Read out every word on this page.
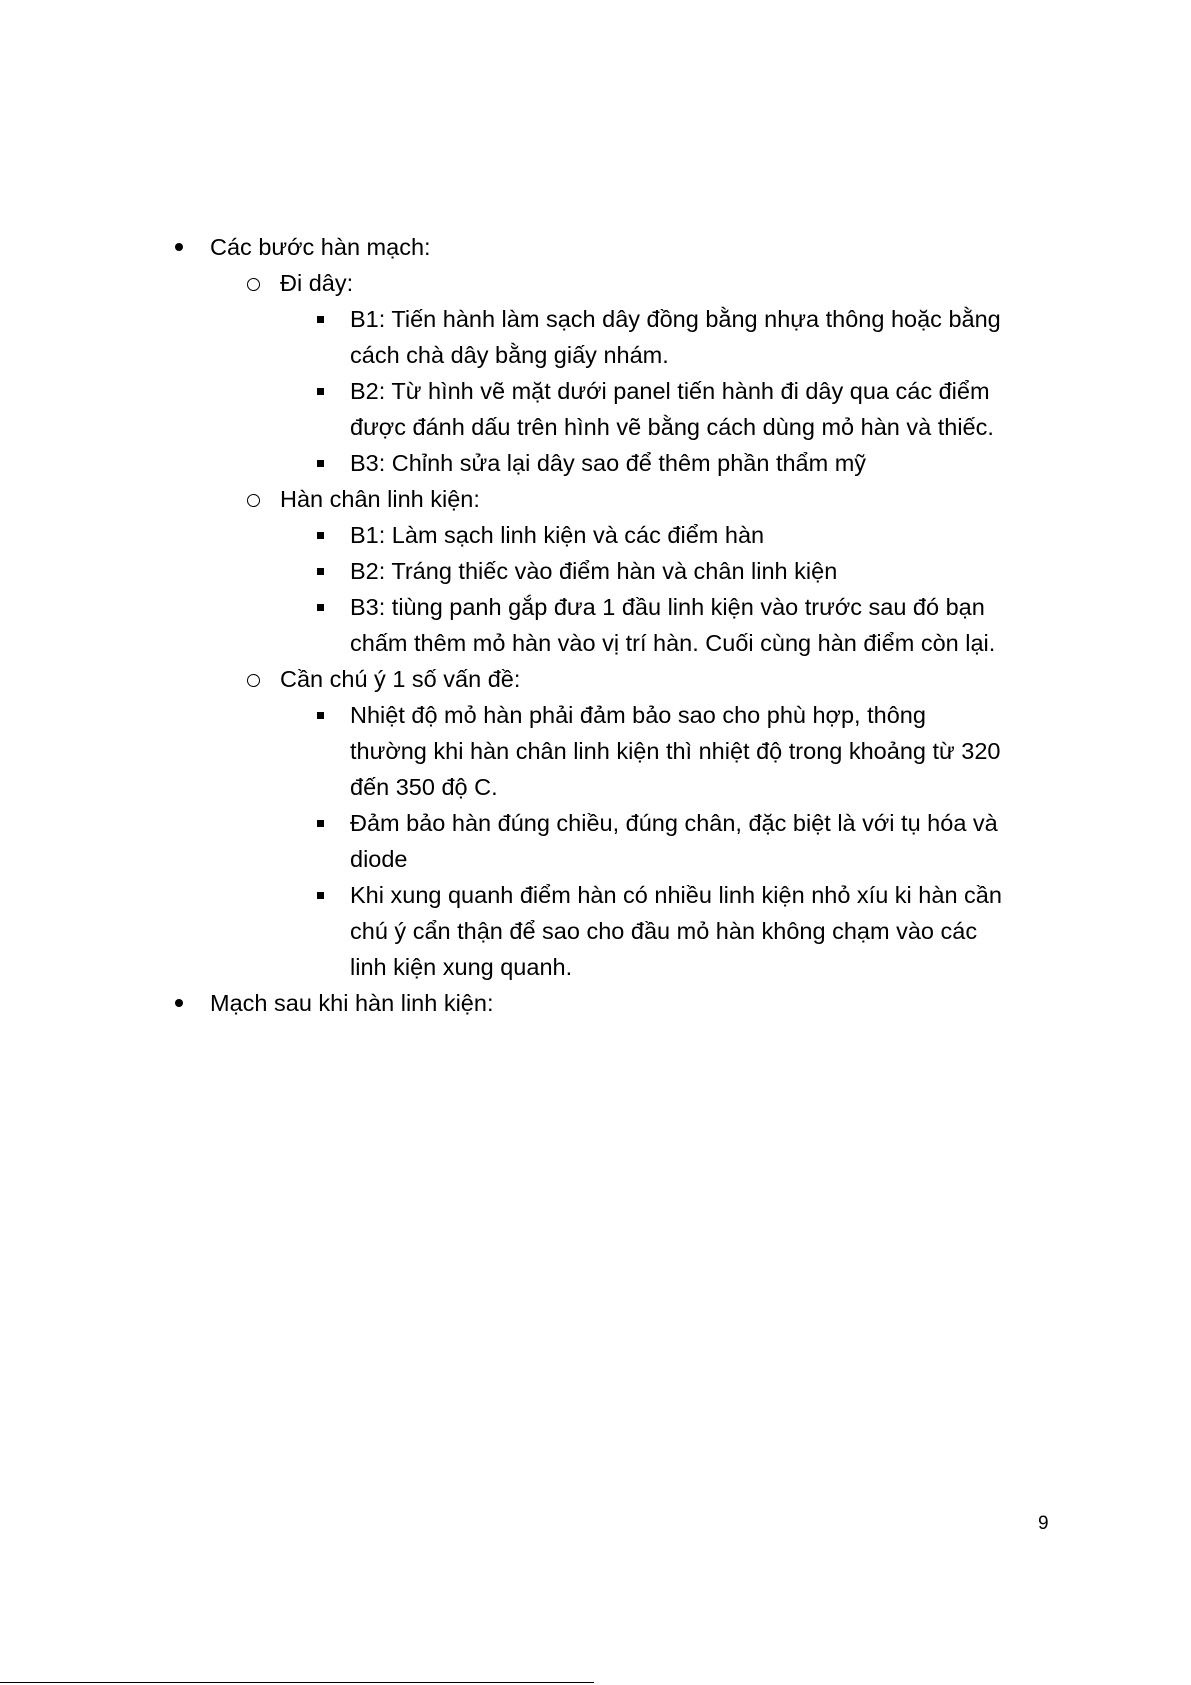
Các bước hàn mạch:
Đi dây:
B1: Tiến hành làm sạch dây đồng bằng nhựa thông hoặc bằng
cách chà dây bằng giấy nhám.
B2: Từ hình vẽ mặt dưới panel tiến hành đi dây qua các điểm
được đánh dấu trên hình vẽ bằng cách dùng mỏ hàn và thiếc.
B3: Chỉnh sửa lại dây sao để thêm phần thẩm mỹ
Hàn chân linh kiện:
B1: Làm sạch linh kiện và các điểm hàn
B2: Tráng thiếc vào điểm hàn và chân linh kiện
B3: tiùng panh gắp đưa 1 đầu linh kiện vào trước sau đó bạn
chấm thêm mỏ hàn vào vị trí hàn. Cuối cùng hàn điểm còn lại.
Cần chú ý 1 số vấn đề:
Nhiệt độ mỏ hàn phải đảm bảo sao cho phù hợp, thông
thường khi hàn chân linh kiện thì nhiệt độ trong khoảng từ 320
đến 350 độ C.
Đảm bảo hàn đúng chiều, đúng chân, đặc biệt là với tụ hóa và
diode
Khi xung quanh điểm hàn có nhiều linh kiện nhỏ xíu ki hàn cần
chú ý cẩn thận để sao cho đầu mỏ hàn không chạm vào các
linh kiện xung quanh.
Mạch sau khi hàn linh kiện:
9
